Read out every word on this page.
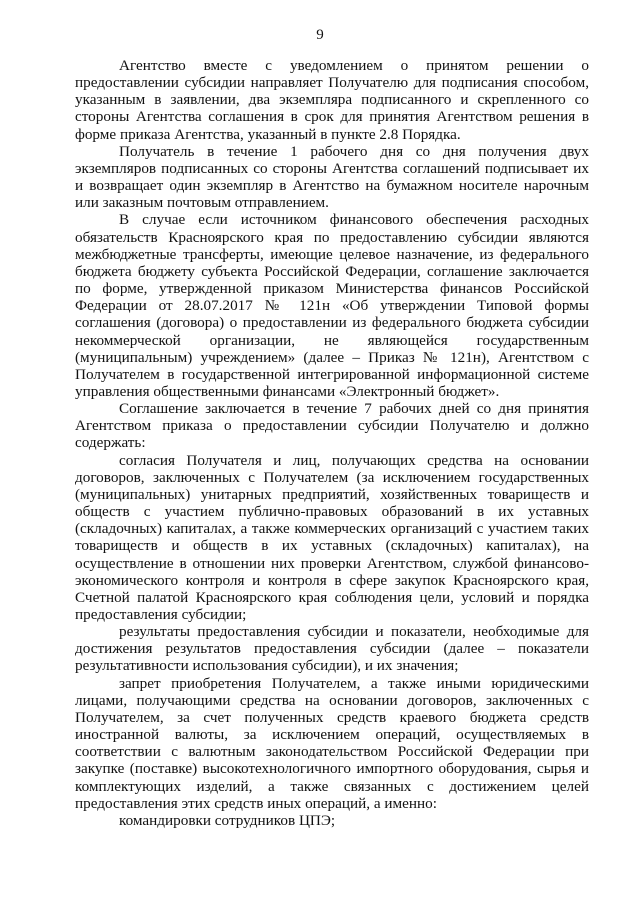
9

Агентство вместе с уведомлением о принятом решении о предоставлении субсидии направляет Получателю для подписания способом, указанным в заявлении, два экземпляра подписанного и скрепленного со стороны Агентства соглашения в срок для принятия Агентством решения в форме приказа Агентства, указанный в пункте 2.8 Порядка.

Получатель в течение 1 рабочего дня со дня получения двух экземпляров подписанных со стороны Агентства соглашений подписывает их и возвращает один экземпляр в Агентство на бумажном носителе нарочным или заказным почтовым отправлением.

В случае если источником финансового обеспечения расходных обязательств Красноярского края по предоставлению субсидии являются межбюджетные трансферты, имеющие целевое назначение, из федерального бюджета бюджету субъекта Российской Федерации, соглашение заключается по форме, утвержденной приказом Министерства финансов Российской Федерации от 28.07.2017 № 121н «Об утверждении Типовой формы соглашения (договора) о предоставлении из федерального бюджета субсидии некоммерческой организации, не являющейся государственным (муниципальным) учреждением» (далее – Приказ № 121н), Агентством с Получателем в государственной интегрированной информационной системе управления общественными финансами «Электронный бюджет».

Соглашение заключается в течение 7 рабочих дней со дня принятия Агентством приказа о предоставлении субсидии Получателю и должно содержать:

согласия Получателя и лиц, получающих средства на основании договоров, заключенных с Получателем (за исключением государственных (муниципальных) унитарных предприятий, хозяйственных товариществ и обществ с участием публично-правовых образований в их уставных (складочных) капиталах, а также коммерческих организаций с участием таких товариществ и обществ в их уставных (складочных) капиталах), на осуществление в отношении них проверки Агентством, службой финансово-экономического контроля и контроля в сфере закупок Красноярского края, Счетной палатой Красноярского края соблюдения цели, условий и порядка предоставления субсидии;

результаты предоставления субсидии и показатели, необходимые для достижения результатов предоставления субсидии (далее – показатели результативности использования субсидии), и их значения;

запрет приобретения Получателем, а также иными юридическими лицами, получающими средства на основании договоров, заключенных с Получателем, за счет полученных средств краевого бюджета средств иностранной валюты, за исключением операций, осуществляемых в соответствии с валютным законодательством Российской Федерации при закупке (поставке) высокотехнологичного импортного оборудования, сырья и комплектующих изделий, а также связанных с достижением целей предоставления этих средств иных операций, а именно:

командировки сотрудников ЦПЭ;
